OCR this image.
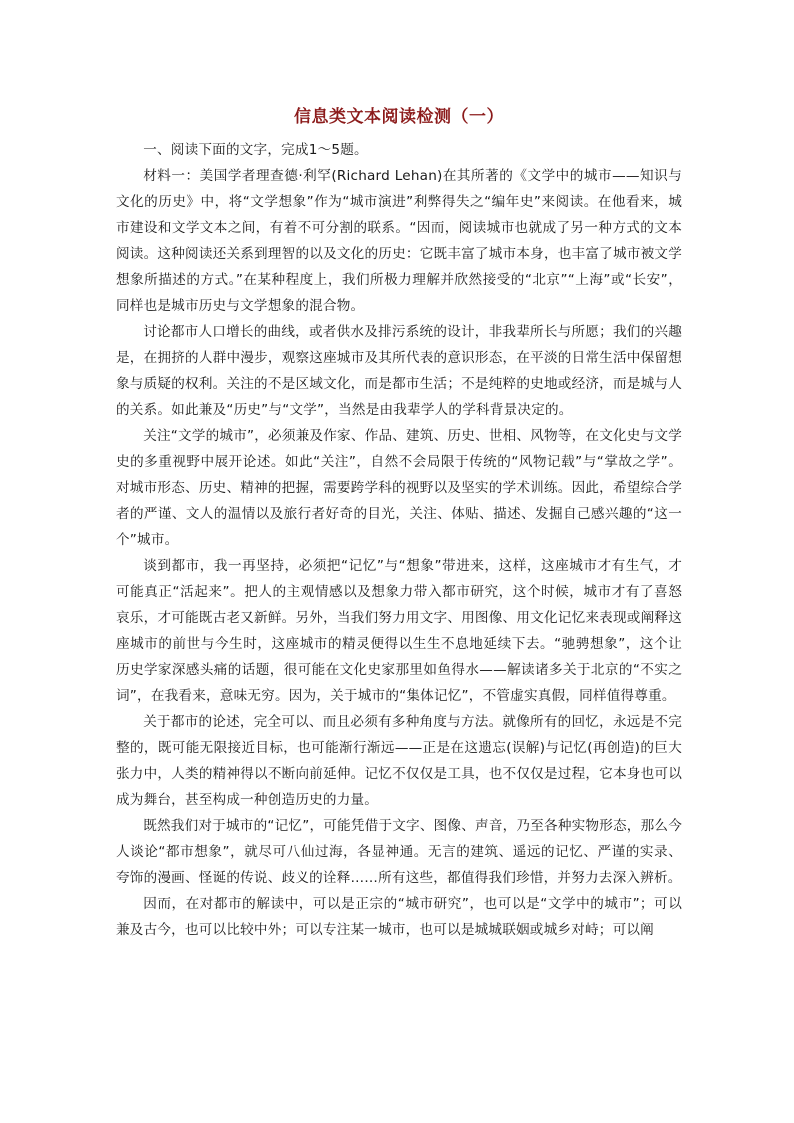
信息类文本阅读检测（一）

一、阅读下面的文字，完成1～5题。

材料一：美国学者理查德·利罕(Richard Lehan)在其所著的《文学中的城市——知识与文化的历史》中，将“文学想象”作为“城市演进”利弊得失之“编年史”来阅读。在他看来，城市建设和文学文本之间，有着不可分割的联系。“因而，阅读城市也就成了另一种方式的文本阅读。这种阅读还关系到理智的以及文化的历史：它既丰富了城市本身，也丰富了城市被文学想象所描述的方式。”在某种程度上，我们所极力理解并欣然接受的“北京”“上海”或“长安”，同样也是城市历史与文学想象的混合物。

讨论都市人口增长的曲线，或者供水及排污系统的设计，非我辈所长与所愿；我们的兴趣是，在拥挤的人群中漫步，观察这座城市及其所代表的意识形态，在平淡的日常生活中保留想象与质疑的权利。关注的不是区域文化，而是都市生活；不是纯粹的史地或经济，而是城与人的关系。如此兼及“历史”与“文学”，当然是由我辈学人的学科背景决定的。

关注“文学的城市”，必须兼及作家、作品、建筑、历史、世相、风物等，在文化史与文学史的多重视野中展开论述。如此“关注”，自然不会局限于传统的“风物记载”与“掌故之学”。对城市形态、历史、精神的把握，需要跨学科的视野以及坚实的学术训练。因此，希望综合学者的严谨、文人的温情以及旅行者好奇的目光，关注、体贴、描述、发掘自己感兴趣的“这一个”城市。

谈到都市，我一再坚持，必须把“记忆”与“想象”带进来，这样，这座城市才有生气，才可能真正“活起来”。把人的主观情感以及想象力带入都市研究，这个时候，城市才有了喜怒哀乐，才可能既古老又新鲜。另外，当我们努力用文字、用图像、用文化记忆来表现或阐释这座城市的前世与今生时，这座城市的精灵便得以生生不息地延续下去。“驰骋想象”，这个让历史学家深感头痛的话题，很可能在文化史家那里如鱼得水——解读诸多关于北京的“不实之词”，在我看来，意味无穷。因为，关于城市的“集体记忆”，不管虚实真假，同样值得尊重。

关于都市的论述，完全可以、而且必须有多种角度与方法。就像所有的回忆，永远是不完整的，既可能无限接近目标，也可能渐行渐远——正是在这遗忘(误解)与记忆(再创造)的巨大张力中，人类的精神得以不断向前延伸。记忆不仅仅是工具，也不仅仅是过程，它本身也可以成为舞台，甚至构成一种创造历史的力量。

既然我们对于城市的“记忆”，可能凭借于文字、图像、声音，乃至各种实物形态，那么今人谈论“都市想象”，就尽可八仙过海，各显神通。无言的建筑、遥远的记忆、严谨的实录、夸饰的漫画、怪诞的传说、歧义的诠释……所有这些，都值得我们珍惜，并努力去深入辨析。

因而，在对都市的解读中，可以是正宗的“城市研究”，也可以是“文学中的城市”；可以兼及古今，也可以比较中外；可以专注某一城市，也可以是城城联姻或城乡对峙；可以阐
